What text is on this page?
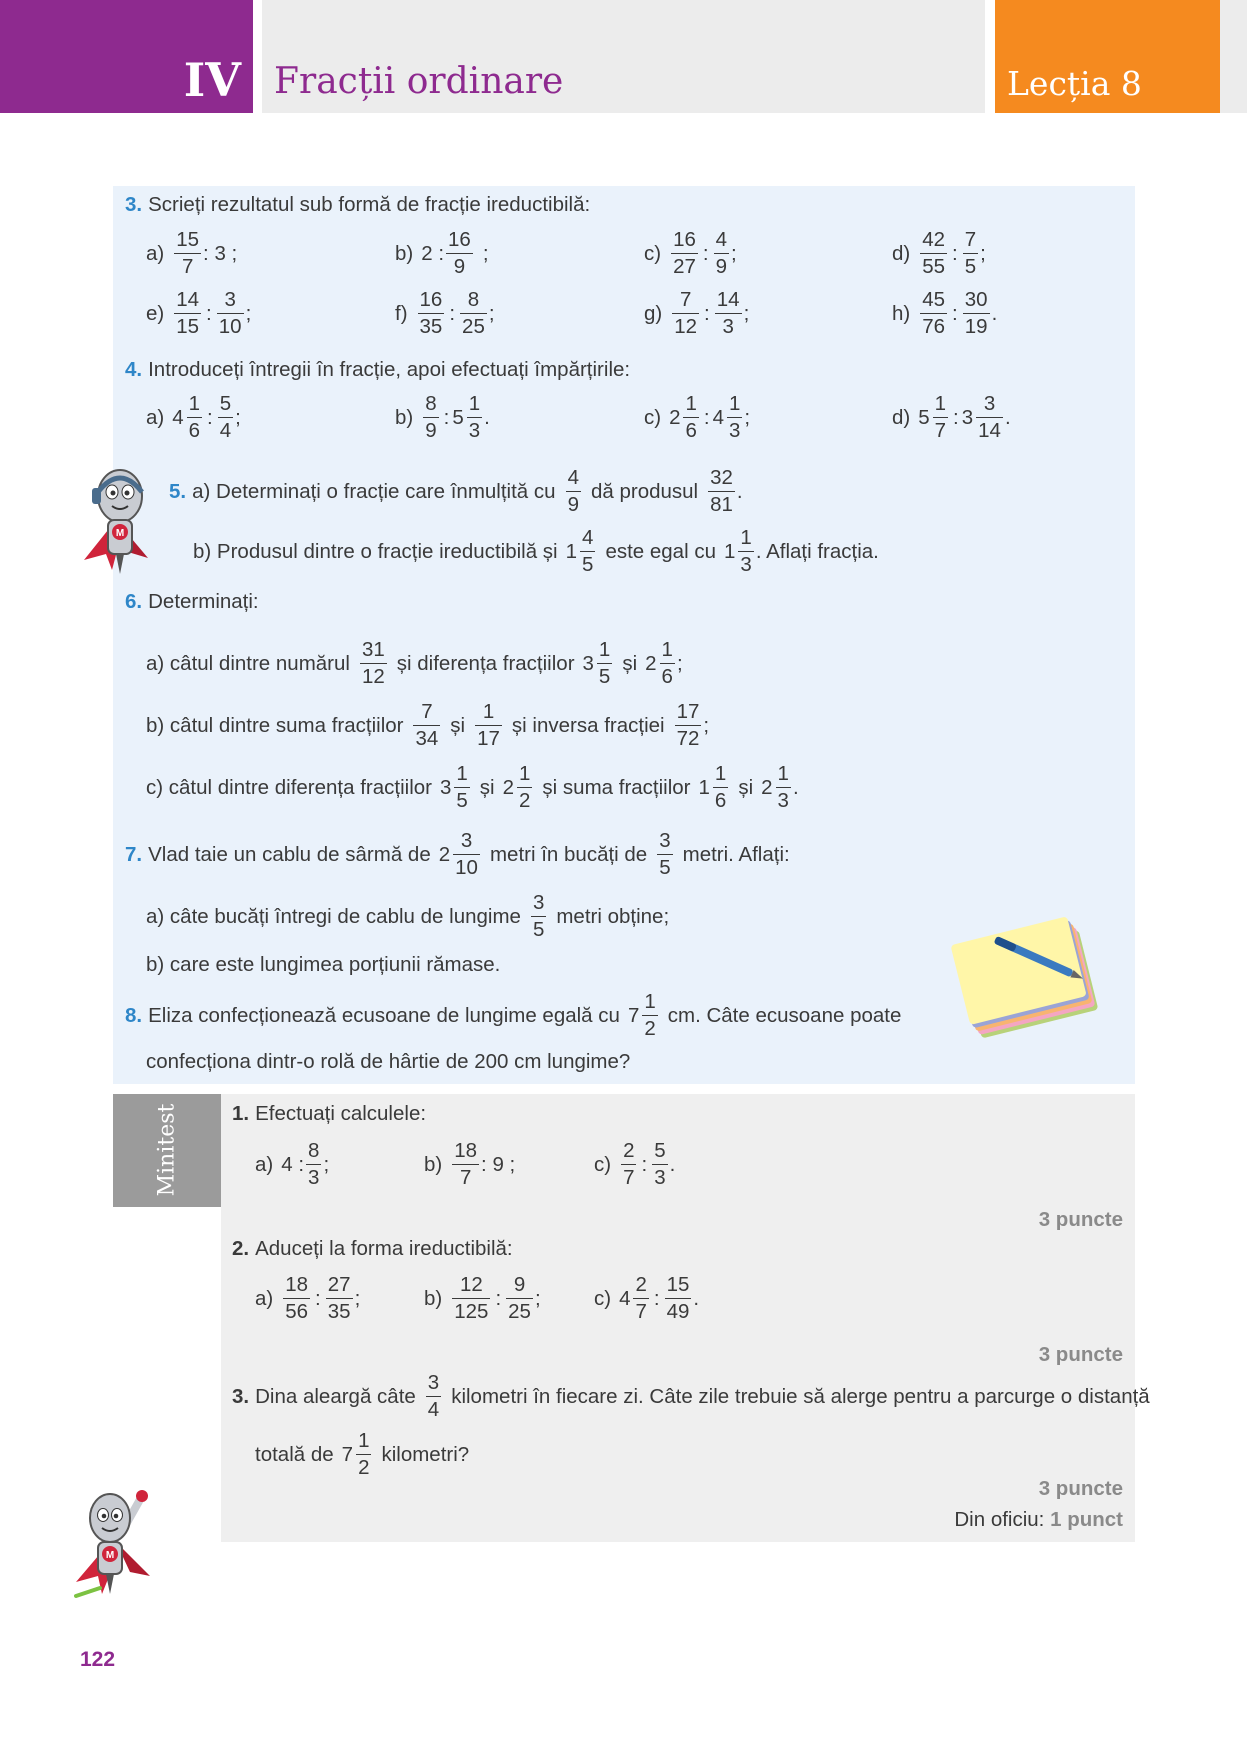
IV Fracții ordinare	Lecția 8
Minitest
3. Scrieți rezultatul sub formă de fracție ireductibilă:
$a) \frac{15}{7}$ : 3 ;	b) 2 : $\frac{16}{9}$ ;	$c) \frac{16}{27}$ : $\frac{4}{9}$ ;	$d) \frac{42}{55}$ : $\frac{7}{5}$ ;
$e) \frac{14}{15}$ : $\frac{3}{10}$ ;	$f) \frac{16}{35}$ : $\frac{8}{25}$ ;	$g) \frac{7}{12}$ : $\frac{14}{3}$ ;	$h) \frac{45}{76}$ : $\frac{30}{19}$ .
4. Introduceți întregii în fracție, apoi efectuați împărțirile:
a) $4 \frac{1}{6}$ : $\frac{5}{4}$ ;	$b) \frac{8}{9}$ : $5 \frac{1}{3}$ .	c) $2 \frac{1}{6}$ : $4 \frac{1}{3}$ ;	d) $5 \frac{1}{7}$ : $3 \frac{3}{14}$ .
M
5. a) Determinați o fracție care înmulțită cu $\frac{4}{9}$ dă produsul $\frac{32}{81}$ .
b) Produsul dintre o fracție ireductibilă și $1 \frac{4}{5}$ este egal cu $1 \frac{1}{3}$ . Aflați fracția.
6. Determinați:
a) câtul dintre numărul $\frac{31}{12}$ și diferența fracțiilor $3 \frac{1}{5}$ și $2 \frac{1}{6}$ ;
b) câtul dintre suma fracțiilor $\frac{7}{34}$ și $\frac{1}{17}$ și inversa fracției $\frac{17}{72}$ ;
c) câtul dintre diferența fracțiilor $3 \frac{1}{5}$ și $2 \frac{1}{2}$ și suma fracțiilor $1 \frac{1}{6}$ și $2 \frac{1}{3}$ .
7. Vlad taie un cablu de sârmă de $2 \frac{3}{10}$ metri în bucăți de $\frac{3}{5}$ metri. Aflați:
a) câte bucăți întregi de cablu de lungime $\frac{3}{5}$ metri obține;
b) care este lungimea porțiunii rămase.
8. Eliza confecționează ecusoane de lungime egală cu $7 \frac{1}{2}$ cm. Câte ecusoane poate
confecționa dintr-o rolă de hârtie de 200 cm lungime?
1. Efectuați calculele:
a) 4 : $\frac{8}{3}$ ;	$b) \frac{18}{7}$ : 9 ;	$c) \frac{2}{7}$ : $\frac{5}{3}$ .
3 puncte
2. Aduceți la forma ireductibilă:
$a) \frac{18}{56}$ : $\frac{27}{35}$ ;	$b) \frac{12}{125}$ : $\frac{9}{25}$ ;	c) $4 \frac{2}{7}$ : $\frac{15}{49}$ .
3 puncte
3. Dina aleargă câte $\frac{3}{4}$ kilometri în fiecare zi. Câte zile trebuie să alerge pentru a parcurge o distanță
totală de $7 \frac{1}{2}$ kilometri?
3 puncte
Din oficiu: 1 punct
M
122
